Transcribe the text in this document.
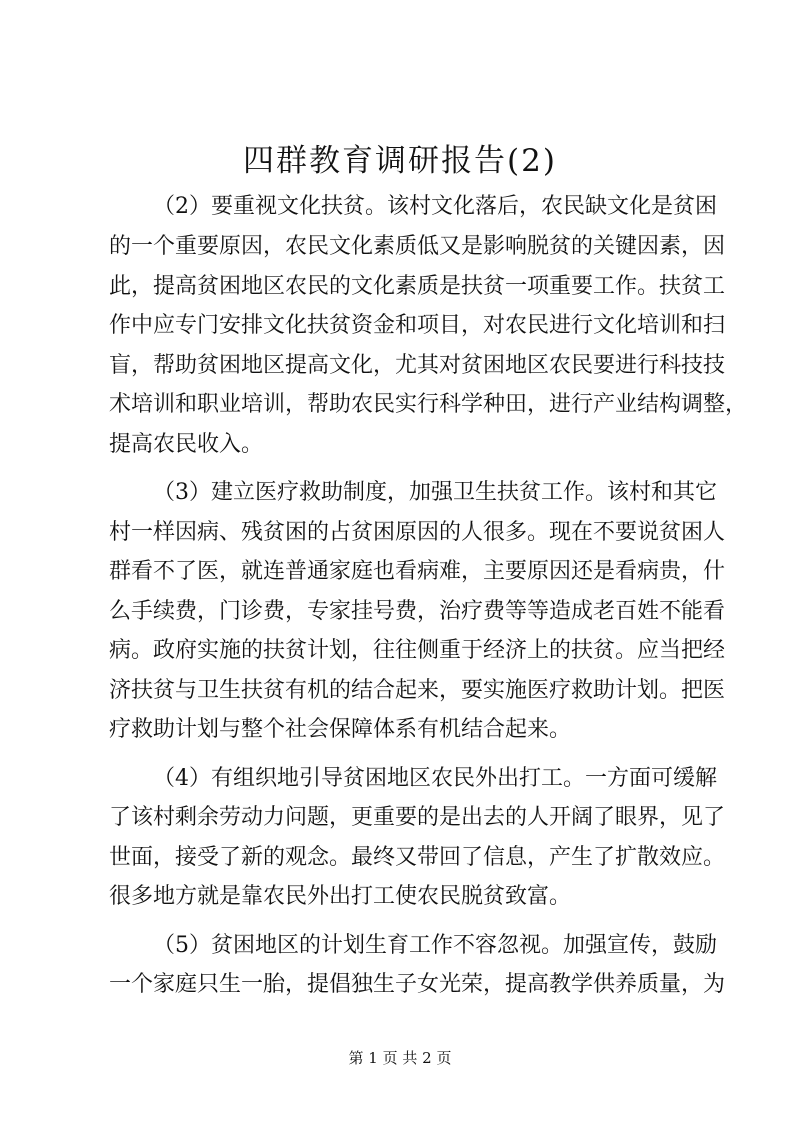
四群教育调研报告(2)
（2）要重视文化扶贫。该村文化落后，农民缺文化是贫困
的一个重要原因，农民文化素质低又是影响脱贫的关键因素，因
此，提高贫困地区农民的文化素质是扶贫一项重要工作。扶贫工
作中应专门安排文化扶贫资金和项目，对农民进行文化培训和扫
盲，帮助贫困地区提高文化，尤其对贫困地区农民要进行科技技
术培训和职业培训，帮助农民实行科学种田，进行产业结构调整，
提高农民收入。
（3）建立医疗救助制度，加强卫生扶贫工作。该村和其它
村一样因病、残贫困的占贫困原因的人很多。现在不要说贫困人
群看不了医，就连普通家庭也看病难，主要原因还是看病贵，什
么手续费，门诊费，专家挂号费，治疗费等等造成老百姓不能看
病。政府实施的扶贫计划，往往侧重于经济上的扶贫。应当把经
济扶贫与卫生扶贫有机的结合起来，要实施医疗救助计划。把医
疗救助计划与整个社会保障体系有机结合起来。
（4）有组织地引导贫困地区农民外出打工。一方面可缓解
了该村剩余劳动力问题，更重要的是出去的人开阔了眼界，见了
世面，接受了新的观念。最终又带回了信息，产生了扩散效应。
很多地方就是靠农民外出打工使农民脱贫致富。
（5）贫困地区的计划生育工作不容忽视。加强宣传，鼓励
一个家庭只生一胎，提倡独生子女光荣，提高教学供养质量，为
第 1 页 共 2 页
